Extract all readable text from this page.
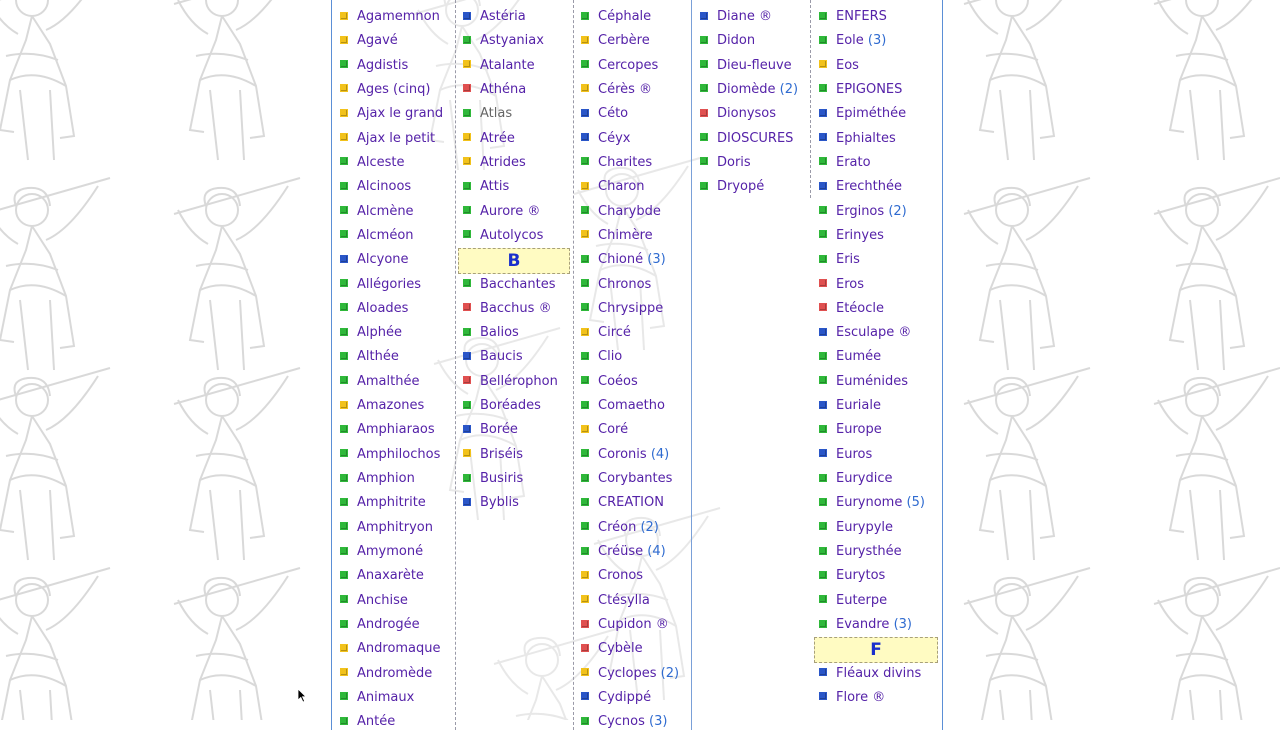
Agamemnon
Agavé
Agdistis
Ages (cinq)
Ajax le grand
Ajax le petit
Alceste
Alcinoos
Alcmène
Alcméon
Alcyone
Allégories
Aloades
Alphée
Althée
Amalthée
Amazones
Amphiaraos
Amphilochos
Amphion
Amphitrite
Amphitryon
Amymoné
Anaxarète
Anchise
Androgée
Andromaque
Andromède
Animaux
Antée
Astéria
Astyaniax
Atalante
Athéna
Atlas
Atrée
Atrides
Attis
Aurore ®
Autolycos
B
Bacchantes
Bacchus ®
Balios
Baucis
Bellérophon
Boréades
Borée
Briséis
Busiris
Byblis
Céphale
Cerbère
Cercopes
Cérès ®
Céto
Céyx
Charites
Charon
Charybde
Chimère
Chioné (3)
Chronos
Chrysippe
Circé
Clio
Coéos
Comaetho
Coré
Coronis (4)
Corybantes
CREATION
Créon (2)
Créüse (4)
Cronos
Ctésylla
Cupidon ®
Cybèle
Cyclopes (2)
Cydippé
Cycnos (3)
Diane ®
Didon
Dieu-fleuve
Diomède (2)
Dionysos
DIOSCURES
Doris
Dryopé
ENFERS
Eole (3)
Eos
EPIGONES
Epiméthée
Ephialtes
Erato
Erechthée
Erginos (2)
Erinyes
Eris
Eros
Etéocle
Esculape ®
Eumée
Euménides
Euriale
Europe
Euros
Eurydice
Eurynome (5)
Eurypyle
Eurysthée
Eurytos
Euterpe
Evandre (3)
F
Fléaux divins
Flore ®
